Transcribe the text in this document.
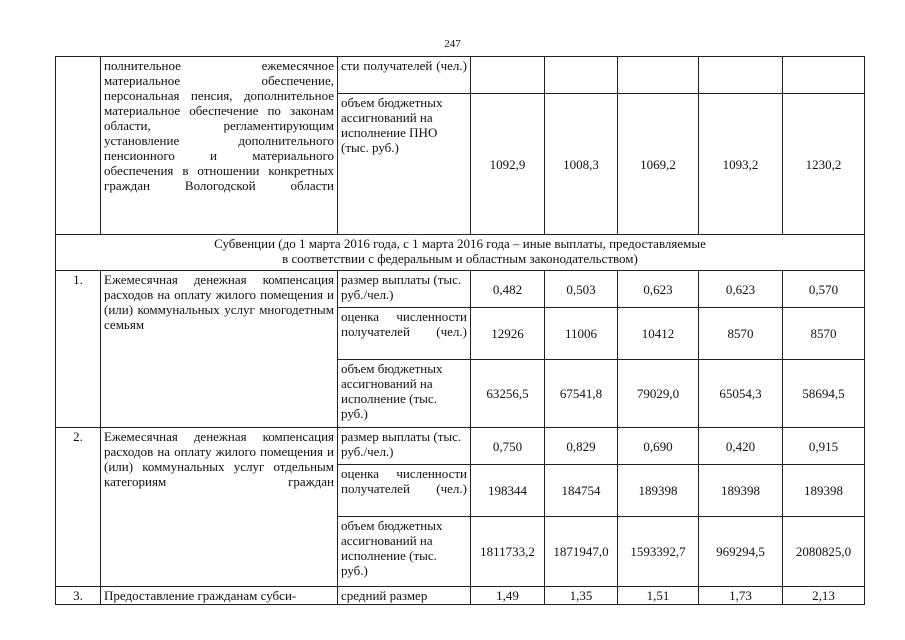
247
	полнительное ежемесячное материальное обеспечение, персональная пенсия, дополнительное материальное обеспечение по законам области, регламентирующим установление дополнительного пенсионного и материального обеспечения в отношении конкретных граждан Вологодской области	сти получателей (чел.)					
		объем бюджетных ассигнований на исполнение ПНО (тыс. руб.)	1092,9	1008,3	1069,2	1093,2	1230,2

Субвенции (до 1 марта 2016 года, с 1 марта 2016 года – иные выплаты, предоставляемые
в соответствии с федеральным и областным законодательством)							

1.	Ежемесячная денежная компенсация расходов на оплату жилого помещения и (или) коммунальных услуг многодетным семьям	размер выплаты (тыс. руб./чел.)	0,482	0,503	0,623	0,623	0,570
		оценка численности получателей (чел.)	12926	11006	10412	8570	8570
		объем бюджетных ассигнований на исполнение (тыс. руб.)	63256,5	67541,8	79029,0	65054,3	58694,5
2.	Ежемесячная денежная компенсация расходов на оплату жилого помещения и (или) коммунальных услуг отдельным категориям граждан	размер выплаты (тыс. руб./чел.)	0,750	0,829	0,690	0,420	0,915
		оценка численности получателей (чел.)	198344	184754	189398	189398	189398
		объем бюджетных ассигнований на исполнение (тыс. руб.)	1811733,2	1871947,0	1593392,7	969294,5	2080825,0
3.	Предоставление гражданам субси-	средний размер	1,49	1,35	1,51	1,73	2,13
